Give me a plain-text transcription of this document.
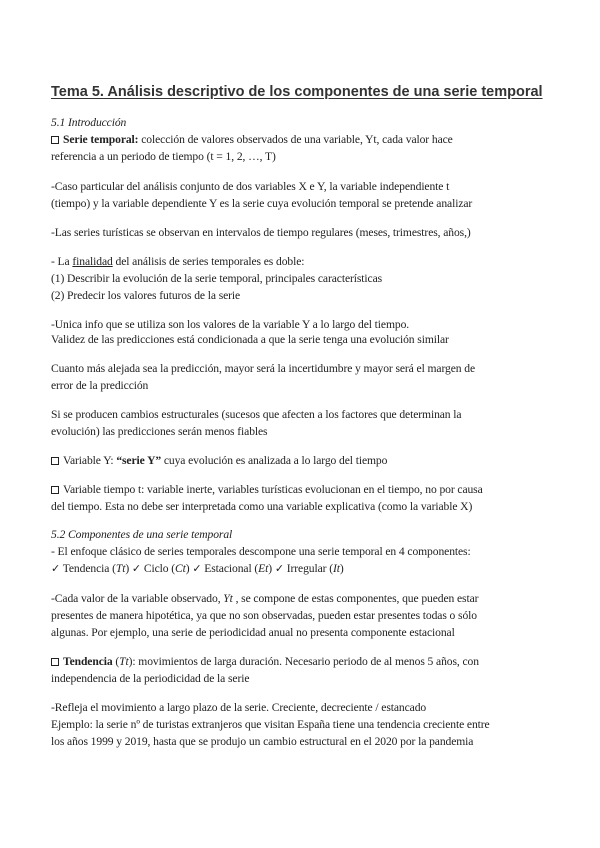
Tema 5. Análisis descriptivo de los componentes de una serie temporal
5.1 Introducción
Serie temporal: colección de valores observados de una variable, Yt, cada valor hace
referencia a un periodo de tiempo (t = 1, 2, …, T)
-Caso particular del análisis conjunto de dos variables X e Y, la variable independiente t
(tiempo) y la variable dependiente Y es la serie cuya evolución temporal se pretende analizar
-Las series turísticas se observan en intervalos de tiempo regulares (meses, trimestres, años,)
- La finalidad del análisis de series temporales es doble:
(1) Describir la evolución de la serie temporal, principales características
(2) Predecir los valores futuros de la serie
-Unica info que se utiliza son los valores de la variable Y a lo largo del tiempo.
Validez de las predicciones está condicionada a que la serie tenga una evolución similar
Cuanto más alejada sea la predicción, mayor será la incertidumbre y mayor será el margen de
error de la predicción
Si se producen cambios estructurales (sucesos que afecten a los factores que determinan la
evolución) las predicciones serán menos fiables
Variable Y: “serie Y” cuya evolución es analizada a lo largo del tiempo
Variable tiempo t: variable inerte, variables turísticas evolucionan en el tiempo, no por causa
del tiempo. Esta no debe ser interpretada como una variable explicativa (como la variable X)
5.2 Componentes de una serie temporal
- El enfoque clásico de series temporales descompone una serie temporal en 4 componentes:
✓ Tendencia (Tt) ✓ Ciclo (Ct) ✓ Estacional (Et) ✓ Irregular (It)
-Cada valor de la variable observado, Yt , se compone de estas componentes, que pueden estar
presentes de manera hipotética, ya que no son observadas, pueden estar presentes todas o sólo
algunas. Por ejemplo, una serie de periodicidad anual no presenta componente estacional
Tendencia (Tt): movimientos de larga duración. Necesario periodo de al menos 5 años, con
independencia de la periodicidad de la serie
-Refleja el movimiento a largo plazo de la serie. Creciente, decreciente / estancado
Ejemplo: la serie nº de turistas extranjeros que visitan España tiene una tendencia creciente entre
los años 1999 y 2019, hasta que se produjo un cambio estructural en el 2020 por la pandemia
